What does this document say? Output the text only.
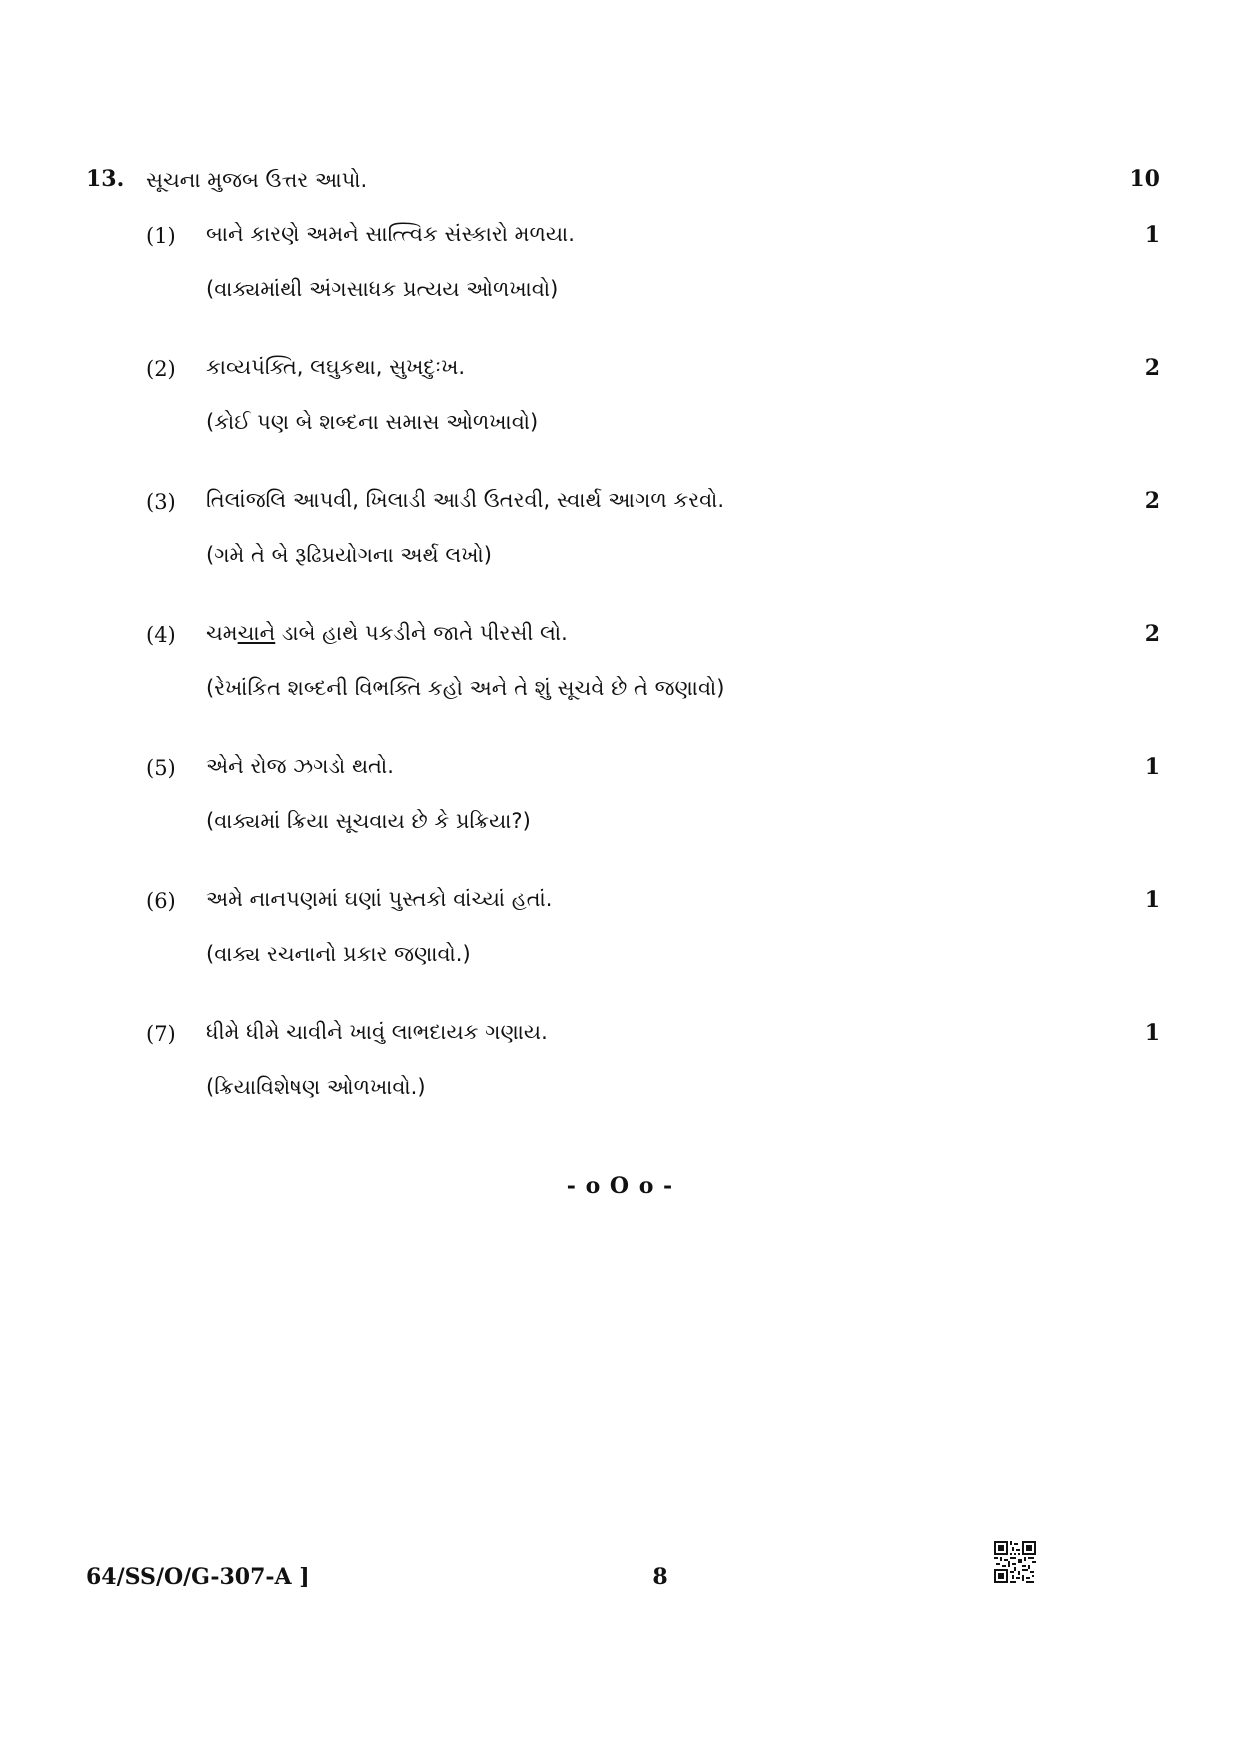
13. સૂચના મુજબ ઉત્તર આપો.	10
(1) બાને કારણે અમને સાત્ત્વિક સંસ્કારો મળયા.	1
(વાક્યમાંથી અંગસાધક પ્રત્યય ઓળખાવો)
(2) કાવ્યપંક્તિ, લઘુકથા, સુખદુઃખ.	2
(કોઈ પણ બે શબ્દના સમાસ ઓળખાવો)
(3) તિલાંજલિ આપવી, ખિલાડી આડી ઉતરવી, સ્વાર્થ આગળ કરવો.	2
(ગમે તે બે રૂઢિપ્રયોગના અર્થ લખો)
(4) ચમચાને ડાબે હાથે પકડીને જાતે પીરસી લો.	2
(રેખાંકિત શબ્દની વિભક્તિ કહો અને તે શું સૂચવે છે તે જણાવો)
(5) એને રોજ ઝગડો થતો.	1
(વાક્યમાં ક્રિયા સૂચવાય છે કે પ્રક્રિયા?)
(6) અમે નાનપણમાં ઘણાં પુસ્તકો વાંચ્યાં હતાં.	1
(વાક્ય રચનાનો પ્રકાર જણાવો.)
(7) ધીમે ધીમે ચાવીને ખાવું લાભદાયક ગણાય.	1
(ક્રિયાવિશેષણ ઓળખાવો.)
- o O o -
64/SS/O/G-307-A ]	8
